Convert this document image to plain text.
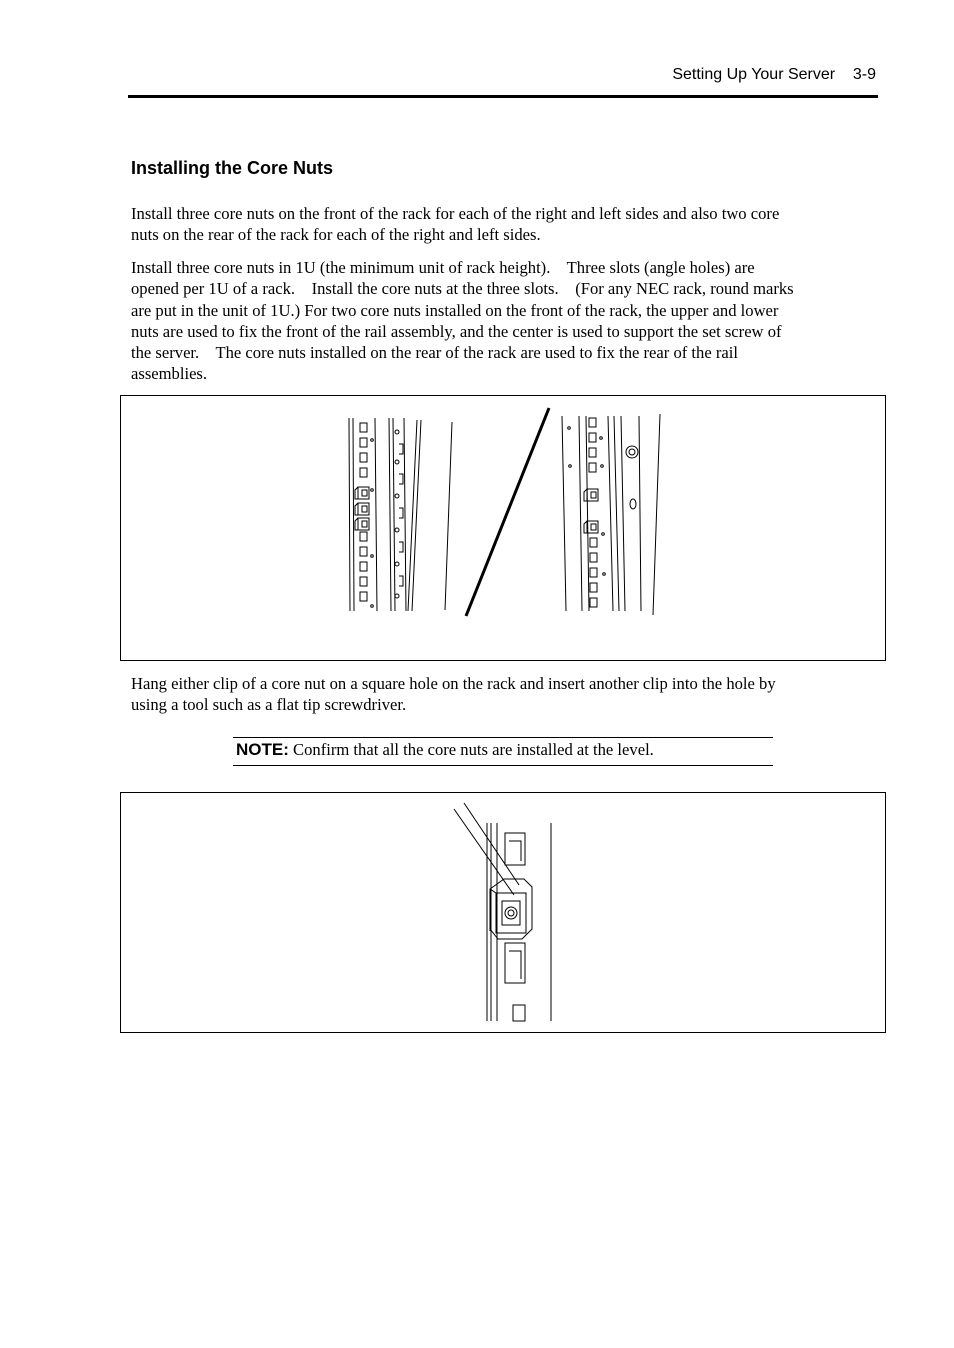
Setting Up Your Server    3-9
Installing the Core Nuts

Install three core nuts on the front of the rack for each of the right and left sides and also two core
nuts on the rear of the rack for each of the right and left sides.

Install three core nuts in 1U (the minimum unit of rack height).    Three slots (angle holes) are
opened per 1U of a rack.    Install the core nuts at the three slots.    (For any NEC rack, round marks
are put in the unit of 1U.) For two core nuts installed on the front of the rack, the upper and lower
nuts are used to fix the front of the rail assembly, and the center is used to support the set screw of
the server.    The core nuts installed on the rear of the rack are used to fix the rear of the rail
assemblies.

Hang either clip of a core nut on a square hole on the rack and insert another clip into the hole by
using a tool such as a flat tip screwdriver.

NOTE: Confirm that all the core nuts are installed at the level.
